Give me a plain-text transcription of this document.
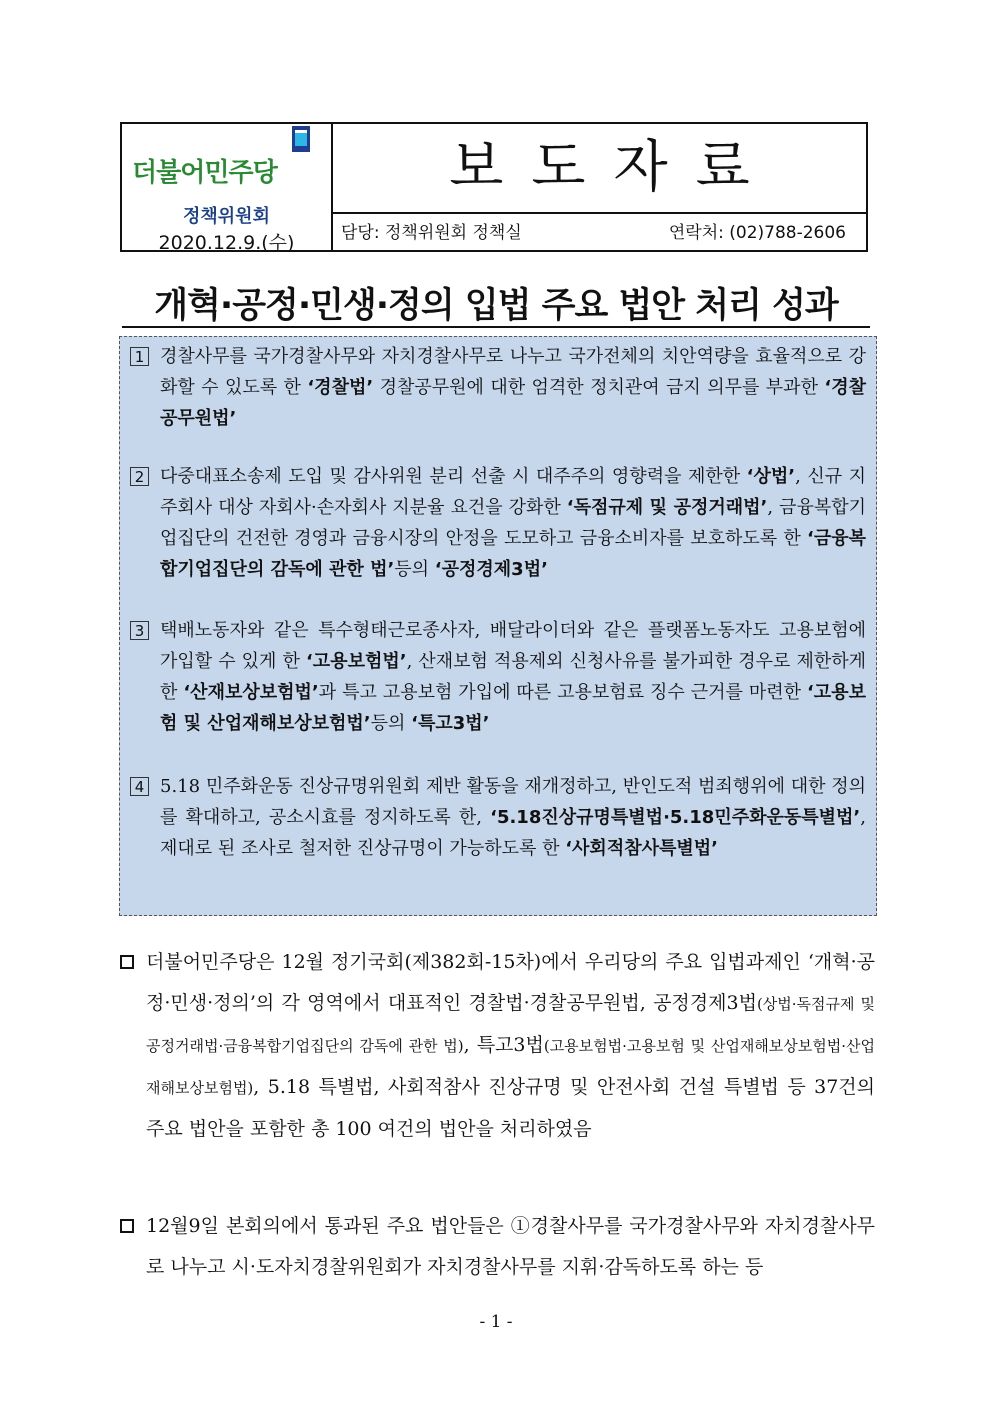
더불어민주당
정책위원회
2020.12.9.(수)
보도자료
담당: 정책위원회 정책실	연락처: (02)788-2606
개혁·공정·민생·정의 입법 주요 법안 처리 성과
1 경찰사무를 국가경찰사무와 자치경찰사무로 나누고 국가전체의 치안역량을 효율적으로 강화할 수 있도록 한 ‘경찰법’ 경찰공무원에 대한 엄격한 정치관여 금지 의무를 부과한 ‘경찰공무원법’
2 다중대표소송제 도입 및 감사위원 분리 선출 시 대주주의 영향력을 제한한 ‘상법’, 신규 지주회사 대상 자회사·손자회사 지분율 요건을 강화한 ‘독점규제 및 공정거래법’, 금융복합기업집단의 건전한 경영과 금융시장의 안정을 도모하고 금융소비자를 보호하도록 한 ‘금융복합기업집단의 감독에 관한 법’등의 ‘공정경제3법’
3 택배노동자와 같은 특수형태근로종사자, 배달라이더와 같은 플랫폼노동자도 고용보험에 가입할 수 있게 한 ‘고용보험법’, 산재보험 적용제외 신청사유를 불가피한 경우로 제한하게 한 ‘산재보상보험법’과 특고 고용보험 가입에 따른 고용보험료 징수 근거를 마련한 ‘고용보험 및 산업재해보상보험법’등의 ‘특고3법’
4 5.18 민주화운동 진상규명위원회 제반 활동을 재개정하고, 반인도적 범죄행위에 대한 정의를 확대하고, 공소시효를 정지하도록 한, ‘5.18진상규명특별법·5.18민주화운동특별법’, 제대로 된 조사로 철저한 진상규명이 가능하도록 한 ‘사회적참사특별법’
더불어민주당은 12월 정기국회(제382회-15차)에서 우리당의 주요 입법과제인 ‘개혁·공정·민생·정의’의 각 영역에서 대표적인 경찰법·경찰공무원법, 공정경제3법(상법·독점규제 및 공정거래법·금융복합기업집단의 감독에 관한 법), 특고3법(고용보험법·고용보험 및 산업재해보상보험법·산업재해보상보험법), 5.18 특별법, 사회적참사 진상규명 및 안전사회 건설 특별법 등 37건의 주요 법안을 포함한 총 100 여건의 법안을 처리하였음
12월9일 본회의에서 통과된 주요 법안들은 ①경찰사무를 국가경찰사무와 자치경찰사무로 나누고 시·도자치경찰위원회가 자치경찰사무를 지휘·감독하도록 하는 등
- 1 -
